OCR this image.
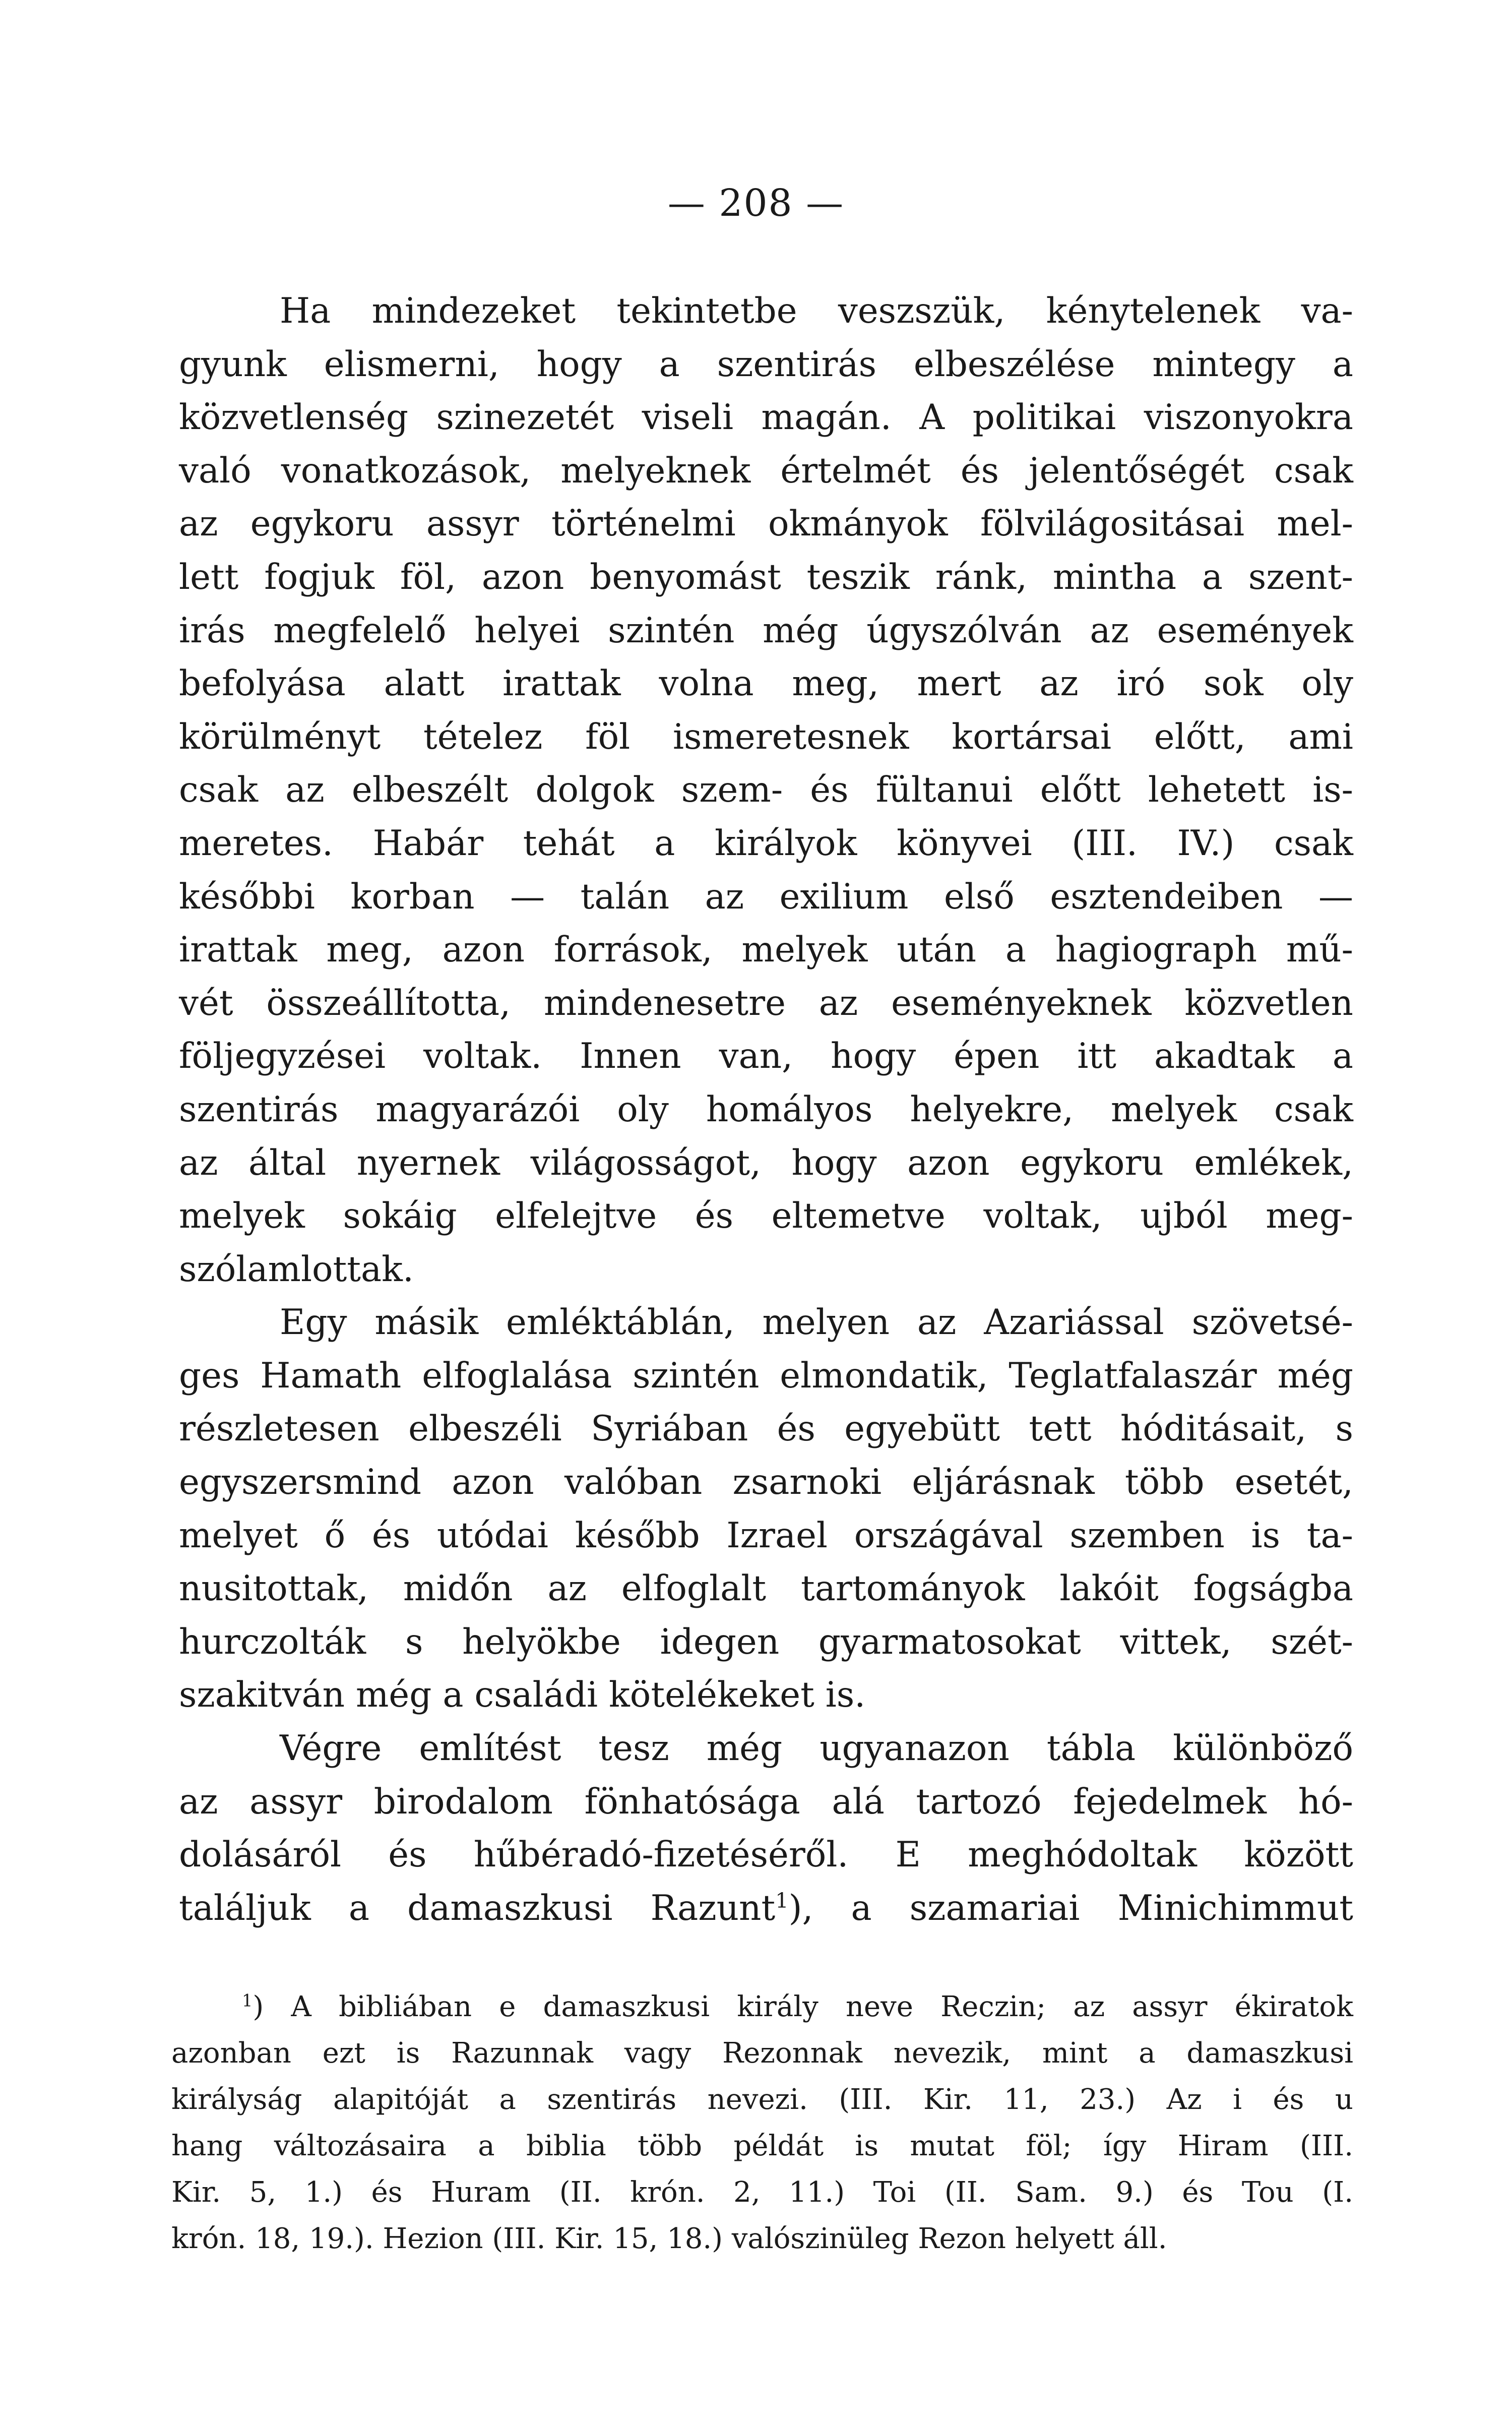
— 208 —
Ha mindezeket tekintetbe veszszük, kénytelenek va-
gyunk elismerni, hogy a szentirás elbeszélése mintegy a
közvetlenség szinezetét viseli magán. A politikai viszonyokra
való vonatkozások, melyeknek értelmét és jelentőségét csak
az egykoru assyr történelmi okmányok fölvilágositásai mel-
lett fogjuk föl, azon benyomást teszik ránk, mintha a szent-
irás megfelelő helyei szintén még úgyszólván az események
befolyása alatt irattak volna meg, mert az iró sok oly
körülményt tételez föl ismeretesnek kortársai előtt, ami
csak az elbeszélt dolgok szem- és fültanui előtt lehetett is-
meretes. Habár tehát a királyok könyvei (III. IV.) csak
későbbi korban — talán az exilium első esztendeiben —
irattak meg, azon források, melyek után a hagiograph mű-
vét összeállította, mindenesetre az eseményeknek közvetlen
följegyzései voltak. Innen van, hogy épen itt akadtak a
szentirás magyarázói oly homályos helyekre, melyek csak
az által nyernek világosságot, hogy azon egykoru emlékek,
melyek sokáig elfelejtve és eltemetve voltak, ujból meg-
szólamlottak.
Egy másik emléktáblán, melyen az Azariással szövetsé-
ges Hamath elfoglalása szintén elmondatik, Teglatfalaszár még
részletesen elbeszéli Syriában és egyebütt tett hóditásait, s
egyszersmind azon valóban zsarnoki eljárásnak több esetét,
melyet ő és utódai később Izrael országával szemben is ta-
nusitottak, midőn az elfoglalt tartományok lakóit fogságba
hurczolták s helyökbe idegen gyarmatosokat vittek, szét-
szakitván még a családi kötelékeket is.
Végre említést tesz még ugyanazon tábla különböző
az assyr birodalom fönhatósága alá tartozó fejedelmek hó-
dolásáról és hűbéradó-fizetéséről. E meghódoltak között
találjuk a damaszkusi Razunt$^1$), a szamariai Minichimmut
$^1$) A bibliában e damaszkusi király neve Reczin; az assyr ékiratok
azonban ezt is Razunnak vagy Rezonnak nevezik, mint a damaszkusi
királyság alapitóját a szentirás nevezi. (III. Kir. 11, 23.) Az i és u
hang változásaira a biblia több példát is mutat föl; így Hiram (III.
Kir. 5, 1.) és Huram (II. krón. 2, 11.) Toi (II. Sam. 9.) és Tou (I.
krón. 18, 19.). Hezion (III. Kir. 15, 18.) valószinüleg Rezon helyett áll.
